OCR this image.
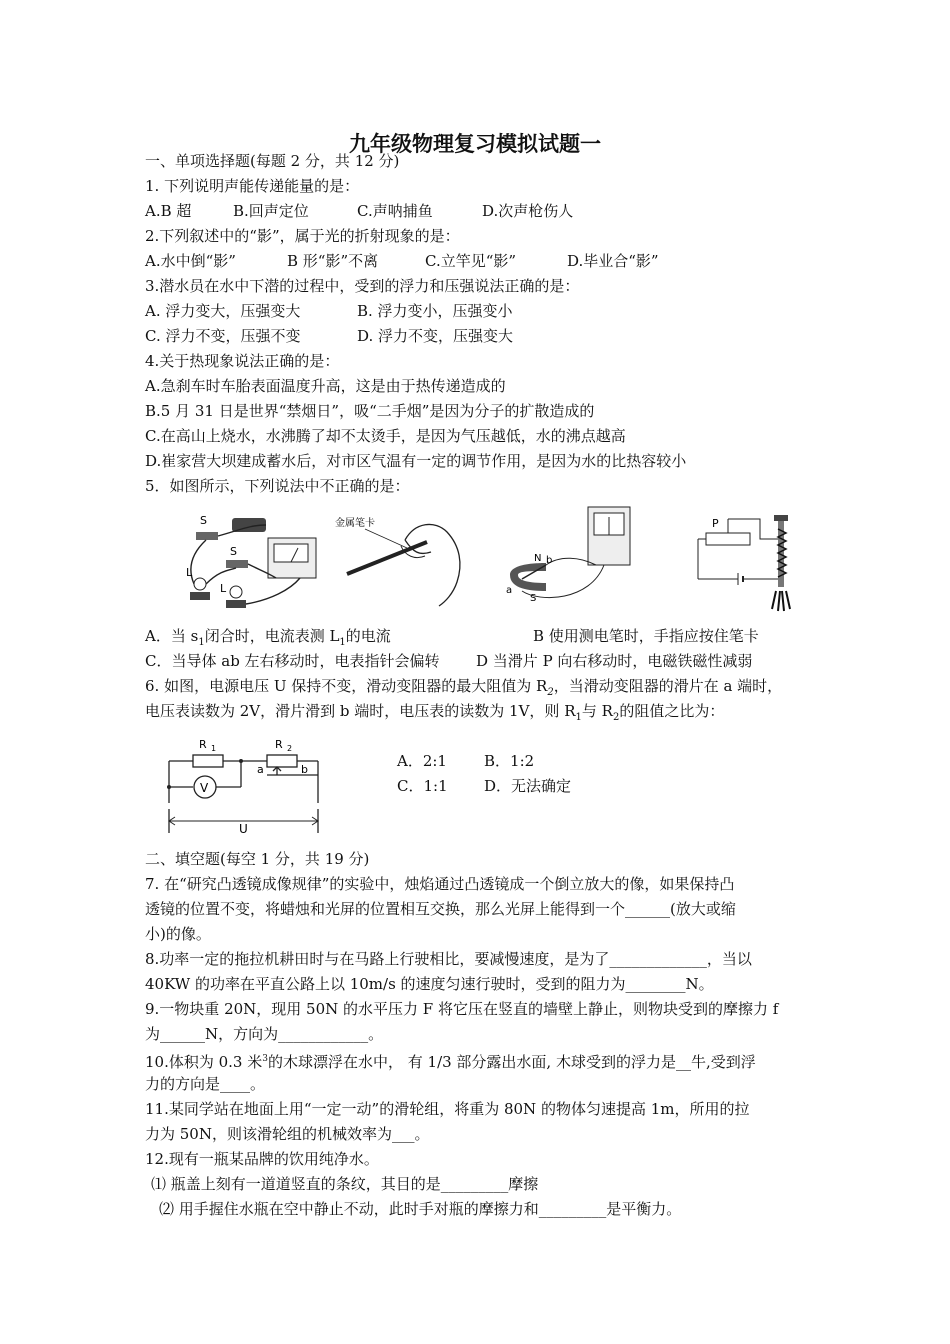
九年级物理复习模拟试题一
一、单项选择题(每题 2 分，共 12 分)
1. 下列说明声能传递能量的是：
A.B 超	B.回声定位	C.声呐捕鱼	D.次声枪伤人
2.下列叙述中的“影”，属于光的折射现象的是：
A.水中倒“影”	B 形“影”不离	C.立竿见“影”	D.毕业合“影”
3.潜水员在水中下潜的过程中，受到的浮力和压强说法正确的是：
A. 浮力变大，压强变大	B. 浮力变小，压强变小
C. 浮力不变，压强不变	D. 浮力不变，压强变大
4.关于热现象说法正确的是：
A.急刹车时车胎表面温度升高，这是由于热传递造成的
B.5 月 31 日是世界“禁烟日”，吸“二手烟”是因为分子的扩散造成的
C.在高山上烧水，水沸腾了却不太烫手，是因为气压越低，水的沸点越高
D.崔家营大坝建成蓄水后，对市区气温有一定的调节作用，是因为水的比热容较小
5．如图所示，下列说法中不正确的是：
S
S
L
L
金属笔卡
N b
S
a
P
A．当 $s_1$闭合时，电流表测 $L_1$的电流	B 使用测电笔时，手指应按住笔卡
C．当导体 ab 左右移动时，电表指针会偏转 D 当滑片 P 向右移动时，电磁铁磁性减弱
6. 如图，电源电压 U 保持不变，滑动变阻器的最大阻值为 $R_2$，当滑动变阻器的滑片在 a 端时，
电压表读数为 2V，滑片滑到 b 端时，电压表的读数为 1V，则 $R_1$与 $R_2$的阻值之比为：
R 1	R 2
V
a	b
U
A．2:1 B．1:2
C．1:1 D．无法确定
二、填空题(每空 1 分，共 19 分)
7. 在“研究凸透镜成像规律”的实验中，烛焰通过凸透镜成一个倒立放大的像，如果保持凸
透镜的位置不变，将蜡烛和光屏的位置相互交换，那么光屏上能得到一个______(放大或缩
小)的像。
8.功率一定的拖拉机耕田时与在马路上行驶相比，要减慢速度，是为了_____________，当以
40KW 的功率在平直公路上以 10m/s 的速度匀速行驶时，受到的阻力为________N。
9.一物块重 20N，现用 50N 的水平压力 F 将它压在竖直的墙壁上静止，则物块受到的摩擦力 f
为______N，方向为____________。
10.体积为 0.3 米$^3$的木球漂浮在水中， 有 1/3 部分露出水面, 木球受到的浮力是__牛,受到浮
力的方向是____。
11.某同学站在地面上用“一定一动”的滑轮组，将重为 80N 的物体匀速提高 1m，所用的拉
力为 50N，则该滑轮组的机械效率为___。
12.现有一瓶某品牌的饮用纯净水。
⑴ 瓶盖上刻有一道道竖直的条纹，其目的是_________摩擦
⑵ 用手握住水瓶在空中静止不动，此时手对瓶的摩擦力和_________是平衡力。
